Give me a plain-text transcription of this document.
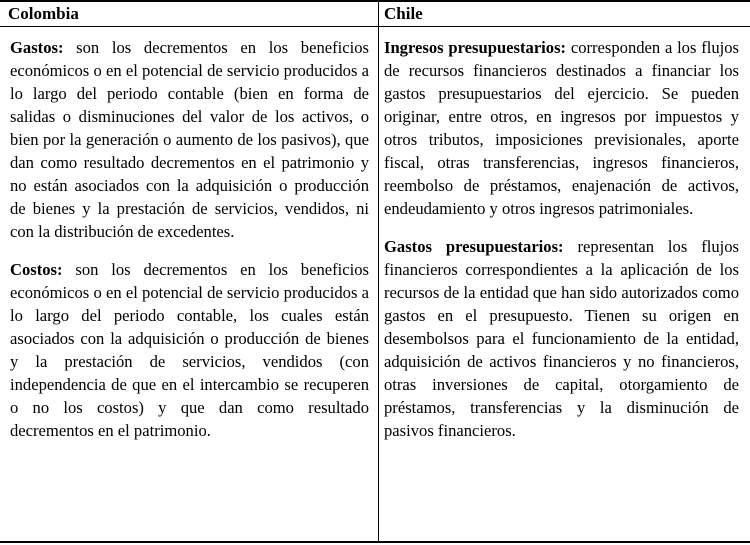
Colombia	Chile

Gastos: son los decrementos en los beneficios económicos o en el potencial de servicio producidos a lo largo del periodo contable (bien en forma de salidas o disminuciones del valor de los activos, o bien por la generación o aumento de los pasivos), que dan como resultado decrementos en el patrimonio y no están asociados con la adquisición o producción de bienes y la prestación de servicios, vendidos, ni con la distribución de excedentes.

Costos: son los decrementos en los beneficios económicos o en el potencial de servicio producidos a lo largo del periodo contable, los cuales están asociados con la adquisición o producción de bienes y la prestación de servicios, vendidos (con independencia de que en el intercambio se recuperen o no los costos) y que dan como resultado decrementos en el patrimonio.

Ingresos presupuestarios: corresponden a los flujos de recursos financieros destinados a financiar los gastos presupuestarios del ejercicio. Se pueden originar, entre otros, en ingresos por impuestos y otros tributos, imposiciones previsionales, aporte fiscal, otras transferencias, ingresos financieros, reembolso de préstamos, enajenación de activos, endeudamiento y otros ingresos patrimoniales.

Gastos presupuestarios: representan los flujos financieros correspondientes a la aplicación de los recursos de la entidad que han sido autorizados como gastos en el presupuesto. Tienen su origen en desembolsos para el funcionamiento de la entidad, adquisición de activos financieros y no financieros, otras inversiones de capital, otorgamiento de préstamos, transferencias y la disminución de pasivos financieros.
